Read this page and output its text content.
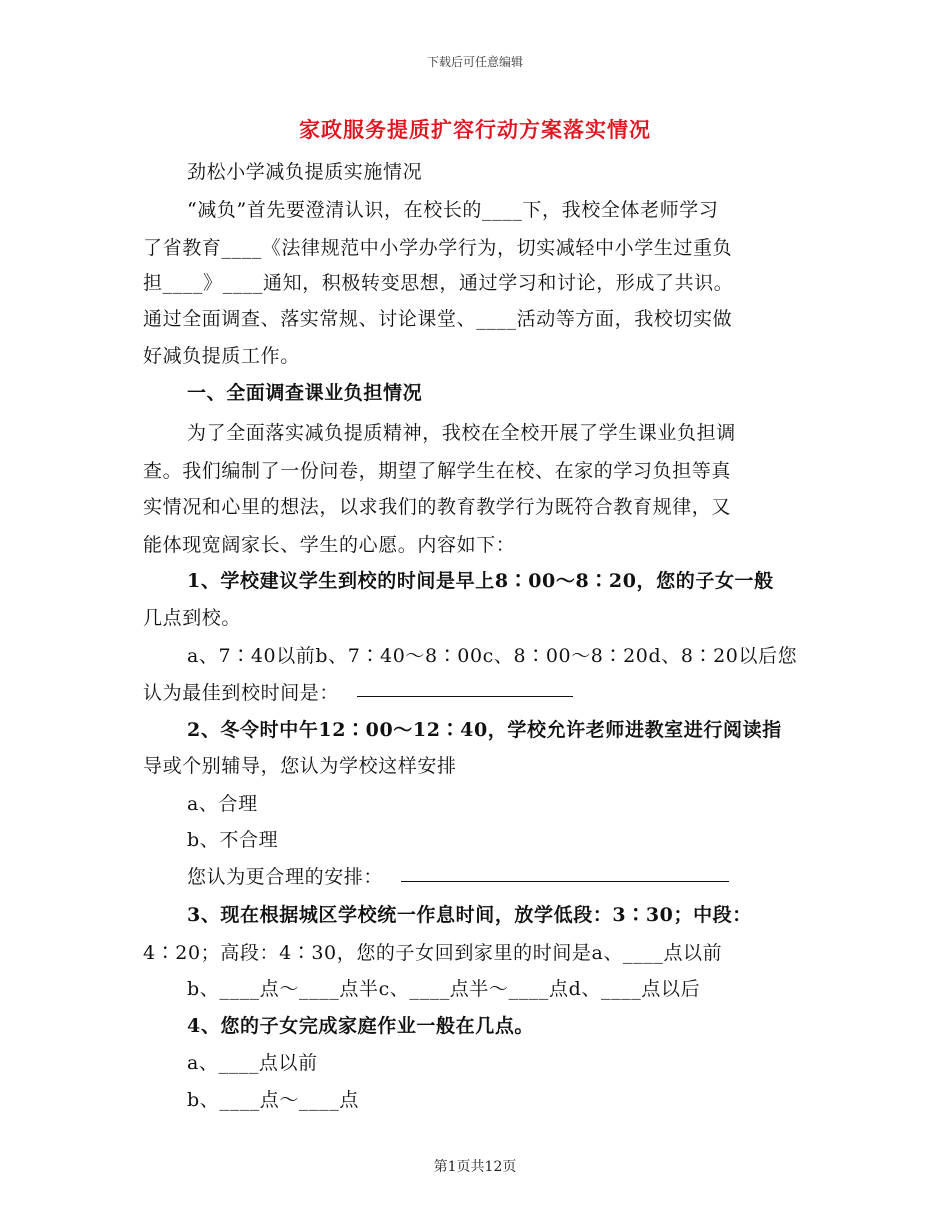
下载后可任意编辑
家政服务提质扩容行动方案落实情况
劲松小学减负提质实施情况
“减负”首先要澄清认识，在校长的____下，我校全体老师学习
了省教育____《法律规范中小学办学行为，切实减轻中小学生过重负
担____》____通知，积极转变思想，通过学习和讨论，形成了共识。
通过全面调查、落实常规、讨论课堂、____活动等方面，我校切实做
好减负提质工作。
一、全面调查课业负担情况
为了全面落实减负提质精神，我校在全校开展了学生课业负担调
查。我们编制了一份问卷，期望了解学生在校、在家的学习负担等真
实情况和心里的想法，以求我们的教育教学行为既符合教育规律，又
能体现宽阔家长、学生的心愿。内容如下：
1、学校建议学生到校的时间是早上8∶00～8∶20，您的子女一般
几点到校。
a、7∶40以前b、7∶40～8∶00c、8∶00～8∶20d、8∶20以后您
认为最佳到校时间是：
2、冬令时中午12∶00～12∶40，学校允许老师进教室进行阅读指
导或个别辅导，您认为学校这样安排
a、合理
b、不合理
您认为更合理的安排：
3、现在根据城区学校统一作息时间，放学低段：3∶30；中段：
4∶20；高段：4∶30，您的子女回到家里的时间是a、____点以前
b、____点～____点半c、____点半～____点d、____点以后
4、您的子女完成家庭作业一般在几点。
a、____点以前
b、____点～____点
第1页共12页
